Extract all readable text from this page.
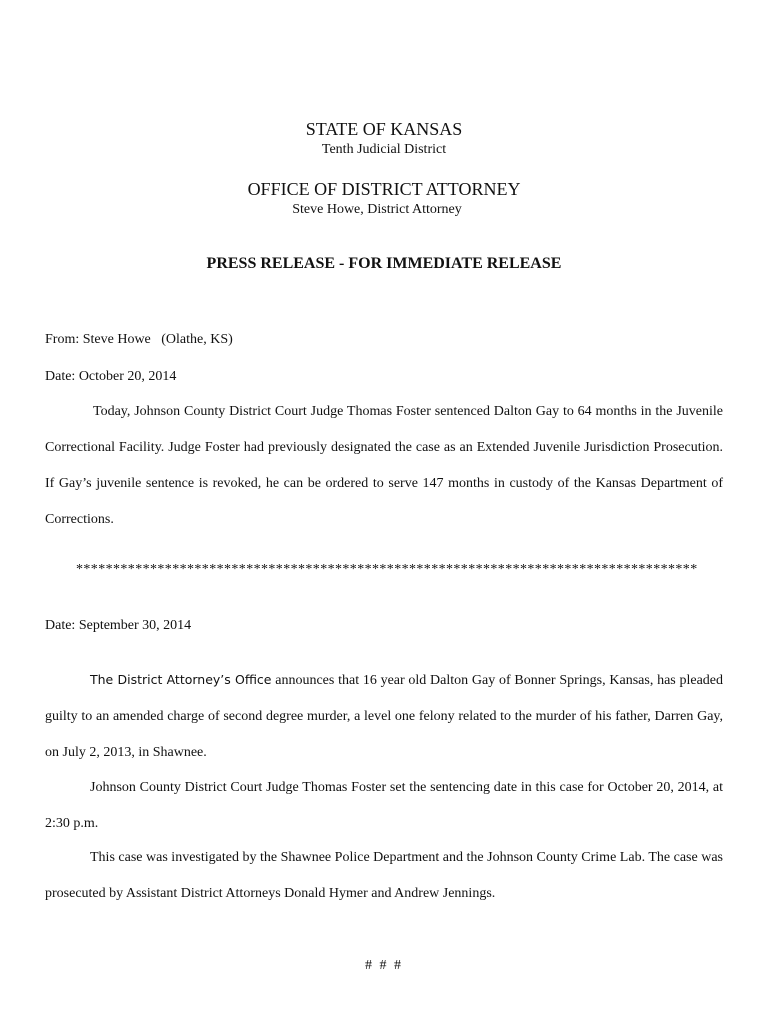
STATE OF KANSAS
Tenth Judicial District
OFFICE OF DISTRICT ATTORNEY
Steve Howe, District Attorney
PRESS RELEASE - FOR IMMEDIATE RELEASE
From: Steve Howe   (Olathe, KS)
Date: October 20, 2014
Today, Johnson County District Court Judge Thomas Foster sentenced Dalton Gay to 64 months in the Juvenile Correctional Facility. Judge Foster had previously designated the case as an Extended Juvenile Jurisdiction Prosecution. If Gay’s juvenile sentence is revoked, he can be ordered to serve 147 months in custody of the Kansas Department of Corrections.
************************************************************************************
Date: September 30, 2014
The District Attorney’s Office announces that 16 year old Dalton Gay of Bonner Springs, Kansas, has pleaded guilty to an amended charge of second degree murder, a level one felony related to the murder of his father, Darren Gay, on July 2, 2013, in Shawnee.
Johnson County District Court Judge Thomas Foster set the sentencing date in this case for October 20, 2014, at 2:30 p.m.
This case was investigated by the Shawnee Police Department and the Johnson County Crime Lab. The case was prosecuted by Assistant District Attorneys Donald Hymer and Andrew Jennings.
# # #
